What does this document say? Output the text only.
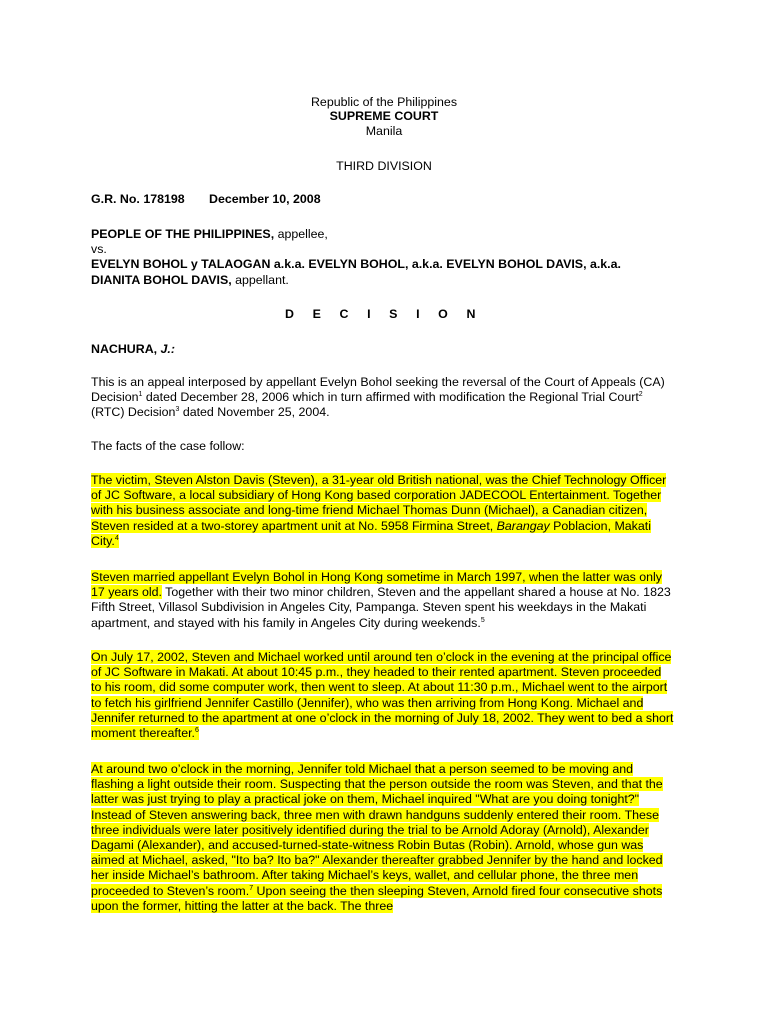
Republic of the Philippines
SUPREME COURT
Manila
THIRD DIVISION
G.R. No. 178198 December 10, 2008
PEOPLE OF THE PHILIPPINES, appellee,
vs.
EVELYN BOHOL y TALAOGAN a.k.a. EVELYN BOHOL, a.k.a. EVELYN BOHOL DAVIS, a.k.a.
DIANITA BOHOL DAVIS, appellant.
D E C I S I O N
NACHURA, J.:
This is an appeal interposed by appellant Evelyn Bohol seeking the reversal of the Court of Appeals (CA) Decision$^1$ dated December 28, 2006 which in turn affirmed with modification the Regional Trial Court$^2$ (RTC) Decision$^3$ dated November 25, 2004.
The facts of the case follow:
The victim, Steven Alston Davis (Steven), a 31-year old British national, was the Chief Technology Officer of JC Software, a local subsidiary of Hong Kong based corporation JADECOOL Entertainment. Together with his business associate and long-time friend Michael Thomas Dunn (Michael), a Canadian citizen, Steven resided at a two-storey apartment unit at No. 5958 Firmina Street, Barangay Poblacion, Makati City.$^4$
Steven married appellant Evelyn Bohol in Hong Kong sometime in March 1997, when the latter was only 17 years old. Together with their two minor children, Steven and the appellant shared a house at No. 1823 Fifth Street, Villasol Subdivision in Angeles City, Pampanga. Steven spent his weekdays in the Makati apartment, and stayed with his family in Angeles City during weekends.$^5$
On July 17, 2002, Steven and Michael worked until around ten o’clock in the evening at the principal office of JC Software in Makati. At about 10:45 p.m., they headed to their rented apartment. Steven proceeded to his room, did some computer work, then went to sleep. At about 11:30 p.m., Michael went to the airport to fetch his girlfriend Jennifer Castillo (Jennifer), who was then arriving from Hong Kong. Michael and Jennifer returned to the apartment at one o’clock in the morning of July 18, 2002. They went to bed a short moment thereafter.$^6$
At around two o’clock in the morning, Jennifer told Michael that a person seemed to be moving and flashing a light outside their room. Suspecting that the person outside the room was Steven, and that the latter was just trying to play a practical joke on them, Michael inquired "What are you doing tonight?" Instead of Steven answering back, three men with drawn handguns suddenly entered their room. These three individuals were later positively identified during the trial to be Arnold Adoray (Arnold), Alexander Dagami (Alexander), and accused-turned-state-witness Robin Butas (Robin). Arnold, whose gun was aimed at Michael, asked, "Ito ba? Ito ba?" Alexander thereafter grabbed Jennifer by the hand and locked her inside Michael’s bathroom. After taking Michael’s keys, wallet, and cellular phone, the three men proceeded to Steven’s room.$^7$ Upon seeing the then sleeping Steven, Arnold fired four consecutive shots upon the former, hitting the latter at the back. The three
